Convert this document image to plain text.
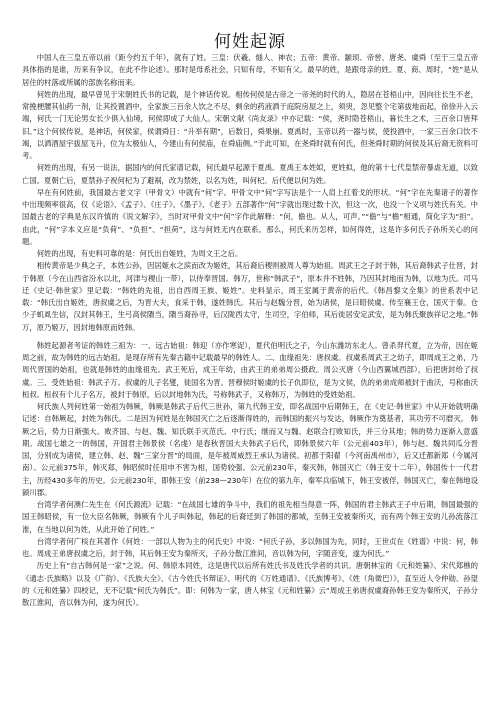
何姓起源

中国人在三皇五帝以前（距今约五千年），就有了姓。三皇：伏羲、燧人、神农；五帝：黄帝、颛顼、帝喾、唐尧、虞舜（至于三皇五帝具体指的是谁，历来有争议，在此不作论述）。那时是母系社会，只知有母，不知有父。最早的姓，是跟母亲的姓。夏、商、周时，“姓”是从居住的村落或所属的部族名称而来。

何姓的出现，最早曾见于宋朝姓氏书的记载，是个神话传说。相传何侯是古帝之一帝尧的时代的人，隐居在苍梧山中，因向往长生不老，常挽梗腰其仙药一剂，让其投置酒中，全家族三百余人饮之不尽，剩余的药液洒于庭院房屋之上，须臾，忽见整个宅第拔地而起，徐徐升入云端，何氏一门无论男女长少俱入仙境，何侯即成了大仙人。宋朝文献《尚友录》中亦记载：“侯，尧时隐苍梧山，暮长生之术，三百余口皆拜旧。”这个何侯传说，是神话，何侯家，侯谓舜日：“升举有期”，后数日，舜果崩。夏禹时，玉帝以药一器与侯，使投酒中，一家三百余口饮不竭，以洒酒屋宇拔屋飞升，位为太极仙人，今建山有何侯庙，在舜庙侧。”于此可知，在尧舜时就有何氏，但尧舜时期的何侯及其后裔无资料可考。

何姓的出现，有另一说法，据国内的何氏家谱记载，何氏最早起源于夏禹。夏禹王本姓姒，更姓拟，他的第十七代皇禁帝暴虐无道，以致亡国。夏朝亡后，夏禁孙子祝何杞为了避祸，改为禁姓，以名为姓，叫何杞。后代便以何为姓。

早在有何姓前，我国最古老文字（甲骨文）中就有“何”字。甲骨文中“何”字写法是个一人肩上扛着戈的形状。“何”字在先秦诸子的著作中出现频率很高，仅《论语》、《孟子》、《庄子》、《墨子》、《老子》五部著作“何”字就出现过数十次，但这一次，也没一个义项与姓氏有关。中国最古老的字典是东汉许慎的《说文解字》，当时对甲骨文中“何”字作此解释：“何，儋也。从人，可声。”“儋”与“檐”相通，简化字为“担”。由此，“何”字本义应是“负荷”、“负担”、“担荷”，这与何姓无内在联系。那么，何氏来历怎样，如何得姓，这是许多何氏子孙所关心的问题。

何姓的出现，有史料可靠的是：何氏出自姬姓，为周文王之后。

相传黄帝是少典之子，本姓公孙，因居姬水之滨而改为姬姓，其后裔后稷则被周人尊为始祖。周武王之子封于韩，其后裔韩武子仕晋，封于韩原（今在山西省汾水以北，河津与稷山一带），以侍奉晋国。韩万，世称“韩武子”，原本并不姓韩，乃因其封地而为韩，以地为氏。司马迁《史记·韩世家》里记载：“韩姓的先祖，出自西周王族、姬姓”。史料显示，周王室属于黄帝的后代。《韩昌黎文全集》的世系表中记载：“韩氏出自姬姓，唐叔虞之后，为晋大夫，食采于韩，遂姓韩氏。其后与赵魏分晋，始为诸侯，是曰昭侯虞。传至襄王仓，国灭于秦。仓少子虮虱生信，汉封其韩王，生弓高侯隤当，隤当裔孙寻，后汉陇西太守，生司空，字伯师，其后徙居安定武安，是为韩氏聚族祥记之地。”韩万，原乃姬万，因封地韩原而姓韩。

韩姓起源者考证的韩姓三祖为：一、远古始祖：韩迎（亦作寒浞），夏代伯明氏之子，今山东潍坊东北人。曾杀羿代夏，立为帝，因在姬周之前，故为韩姓的远古始祖。是现存所有先秦古籍中记载最早的韩姓人。二、血缘祖先：唐叔虞。叔虞系周武王之幼子，即周成王之弟，乃周代晋国的始祖，也就是韩姓的血缘祖先。武王死后，成王年幼，由武王的弟弟周公摄政。周公灭唐（今山西翼城西部），后把唐封给了叔虞。三、受姓始祖：韩武子万。叔虞的儿子名燮，徙国名为晋。晋穆侯时姬虞的长子仇即位，是为文侯，仇的弟弟成师被封于曲沃，号称曲沃桓叔。桓叔有个儿子名万，被封于韩原，后以封地韩为氏，号称韩武子，又称韩万，为韩姓的受姓始祖。

何氏族人列何姓第一始祖为韩厥，韩厥是韩武子后代三世孙，第九代韩王安，即名战国中后期韩王，在《史记·韩世家》中从开始就明确记述：自韩厥起，封姓为韩氏。二是因为何姓是在韩国灭亡之后逐渐得姓的，而韩国的振兴与发达，韩厥作为奠基者，其功劳不可磨灭。 韩厥之后，势力日渐强大。败齐国、与赵、魏、知氏联手灭范氏、中行氏；继而又与魏、赵联合打败知氏，并三分其地；韩的势力逐渐入意盛期。战国七雄之一的韩国，开国君主韩景侯（名虔）是春秋晋国大夫韩武子后代，即韩景侯六年（公元前403年），韩与赵、魏共同瓜分晋国，分别成为诸侯，建立韩、赵、魏“三家分晋”的局面，是年被周威烈王承认为诸侯。初都于阳翟（今河南禹州市），后又迁都新郑（今属河南）。公元前375年，韩灭郑，韩昭侯时任用申不害为相，国势较强。公元前230年，秦灭韩，韩国灭亡（韩王安十二年），韩国传十一代君主，历经430多年的历史。公元前230年，即韩王安（前238—230年）在位的第九年，秦军兵临城下，韩王安被俘，韩国灭亡，秦在韩地设颍川郡。

台湾学者何澳仁先生在《何氏源流》记载：“在战国七雄的争斗中，我们的祖先相当得意一阵，韩国的君主韩武王子中后期，韩国最强的国王韩昭侯，有一位大臣名韩厥，韩厥有个儿子叫韩起，韩起的后裔迁到了韩国的都城，至韩王安被秦所灭，而有两个韩王安的儿孙流落江淮，在当地以何为姓，从此开始了何姓。”

台湾学者何广棪在其著作《何姓：一部以人物为主的何氏史》中说：“何氏子孙，多以韩国为先，同时，王世贞在《姓谱》中说：何，韩也。周成王弟唐叔虞之后，封于韩，其后韩王安为秦所灭，子孙分散江淮间，音以韩为何，字随音变，遂为何氏。”

历史上有“自古韩何是一家”之说。何、韩原本同姓，这是唐代以后所有姓氏书及姓氏学者的共识。唐朝林宝的《元和姓纂》、宋代郑樵的《通志·氏族略》以及《广韵》、《氏族大全》、《古今姓氏书辩证》、明代的《万姓通谱》、《氏族博考》、《姓（角徵巴）》，直至近人令仲勋、孙望的《元和姓纂》四校记，无不记载“何氏为韩氏”。即：何韩为一家，唐人林宝《元和姓纂》云“周成王弟唐叔虞裔孙韩王安为秦所灭，子孙分散江淮间，音以韩为何，遂为何氏）。
